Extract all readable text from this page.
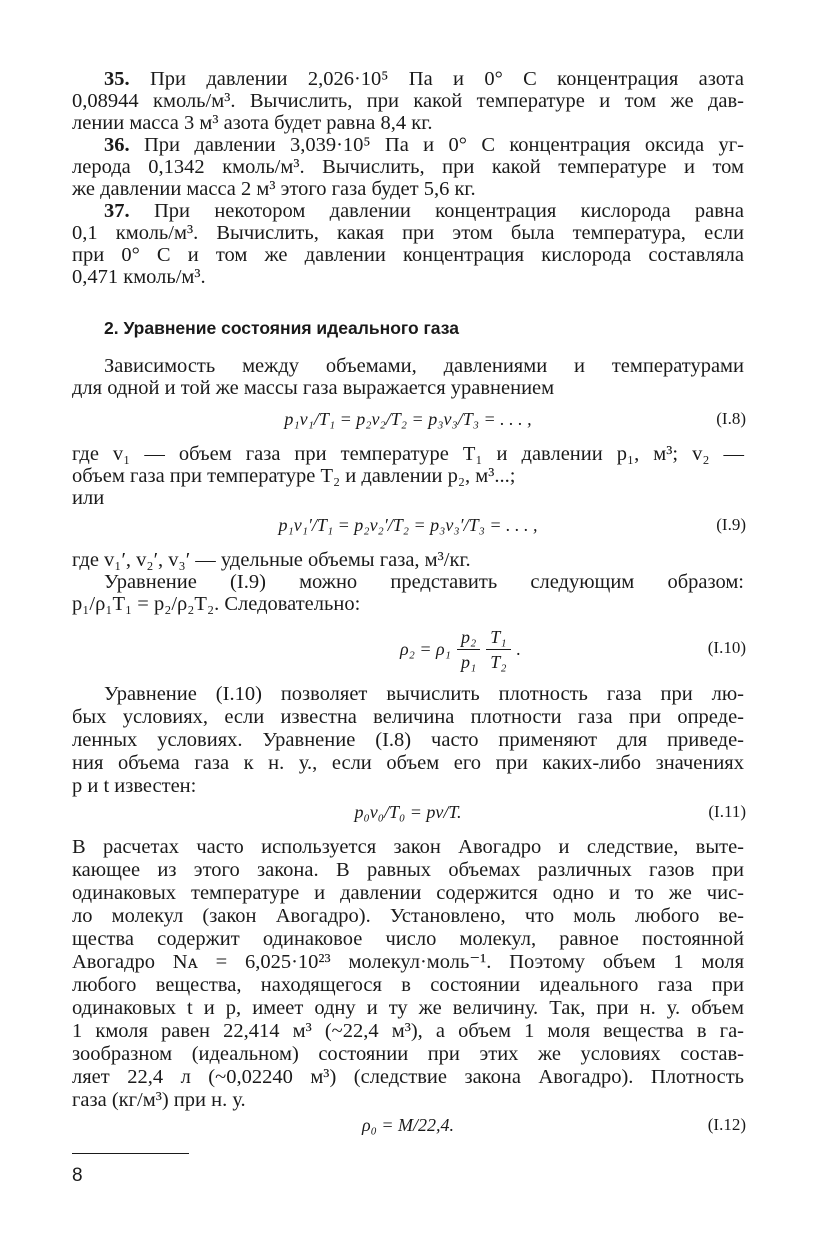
35. При давлении 2,026·10⁵ Па и 0° С концентрация азота
0,08944 кмоль/м³. Вычислить, при какой температуре и том же дав-
лении масса 3 м³ азота будет равна 8,4 кг.
36. При давлении 3,039·10⁵ Па и 0° С концентрация оксида уг-
лерода 0,1342 кмоль/м³. Вычислить, при какой температуре и том
же давлении масса 2 м³ этого газа будет 5,6 кг.
37. При некотором давлении концентрация кислорода равна
0,1 кмоль/м³. Вычислить, какая при этом была температура, если
при 0° С и том же давлении концентрация кислорода составляла
0,471 кмоль/м³.
2. Уравнение состояния идеального газа
Зависимость между объемами, давлениями и температурами
для одной и той же массы газа выражается уравнением
p₁v₁/T₁ = p₂v₂/T₂ = p₃v₃/T₃ = . . . ,	(I.8)
где v₁ — объем газа при температуре T₁ и давлении p₁, м³; v₂ —
объем газа при температуре T₂ и давлении p₂, м³...;
или
p₁v₁′/T₁ = p₂v₂′/T₂ = p₃v₃′/T₃ = . . . ,	(I.9)
где v₁′, v₂′, v₃′ — удельные объемы газа, м³/кг.
Уравнение (I.9) можно представить следующим образом:
p₁/ρ₁T₁ = p₂/ρ₂T₂. Следовательно:
$\rho_2 = \rho_1 \frac{\text{p₂}}{\text{p₁}} \frac{\text{T₁}}{\text{T₂}}$ .	(I.10)
Уравнение (I.10) позволяет вычислить плотность газа при лю-
бых условиях, если известна величина плотности газа при опреде-
ленных условиях. Уравнение (I.8) часто применяют для приведе-
ния объема газа к н. у., если объем его при каких-либо значениях
p и t известен:
p₀v₀/T₀ = pv/T.	(I.11)
В расчетах часто используется закон Авогадро и следствие, выте-
кающее из этого закона. В равных объемах различных газов при
одинаковых температуре и давлении содержится одно и то же чис-
ло молекул (закон Авогадро). Установлено, что моль любого ве-
щества содержит одинаковое число молекул, равное постоянной
Авогадро Nᴀ = 6,025·10²³ молекул·моль⁻¹. Поэтому объем 1 моля
любого вещества, находящегося в состоянии идеального газа при
одинаковых t и p, имеет одну и ту же величину. Так, при н. у. объем
1 кмоля равен 22,414 м³ (~22,4 м³), а объем 1 моля вещества в га-
зообразном (идеальном) состоянии при этих же условиях состав-
ляет 22,4 л (~0,02240 м³) (следствие закона Авогадро). Плотность
газа (кг/м³) при н. у.
ρ₀ = M/22,4.	(I.12)
8
